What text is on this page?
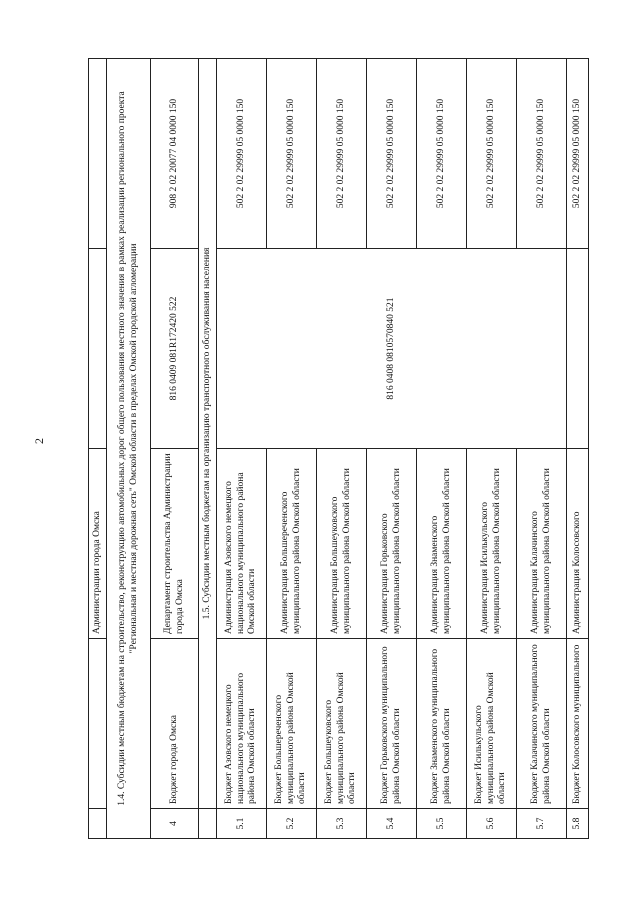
2
		Администрации города Омска		
1.4. Субсидии местным бюджетам на строительство, реконструкцию автомобильных дорог общего пользования местного значения в рамках реализации регионального проекта "Региональная и местная дорожная сеть" Омской области в пределах Омской городской агломерации				
4	Бюджет города Омска	Департамент строительства Администрации города Омска	816 0409 081R172420 522	908 2 02 20077 04 0000 150
	1.5. Субсидии местным бюджетам на организацию транспортного обслуживания населения			
5.1	Бюджет Азовского немецкого национального муниципального района Омской области	Администрация Азовского немецкого национального муниципального района Омской области	816 0408 0810570840 521	502 2 02 29999 05 0000 150
5.2	Бюджет Большереченского муниципального района Омской области	Администрация Большереченского муниципального района Омской области		502 2 02 29999 05 0000 150
5.3	Бюджет Большеуковского муниципального района Омской области	Администрация Большеуковского муниципального района Омской области		502 2 02 29999 05 0000 150
5.4	Бюджет Горьковского муниципального района Омской области	Администрация Горьковского муниципального района Омской области		502 2 02 29999 05 0000 150
5.5	Бюджет Знаменского муниципального района Омской области	Администрация Знаменского муниципального района Омской области		502 2 02 29999 05 0000 150
5.6	Бюджет Исилькульского муниципального района Омской области	Администрация Исилькульского муниципального района Омской области		502 2 02 29999 05 0000 150
5.7	Бюджет Калачинского муниципального района Омской области	Администрация Калачинского муниципального района Омской области		502 2 02 29999 05 0000 150
5.8	Бюджет Колосовского муниципального	Администрация Колосовского		502 2 02 29999 05 0000 150
